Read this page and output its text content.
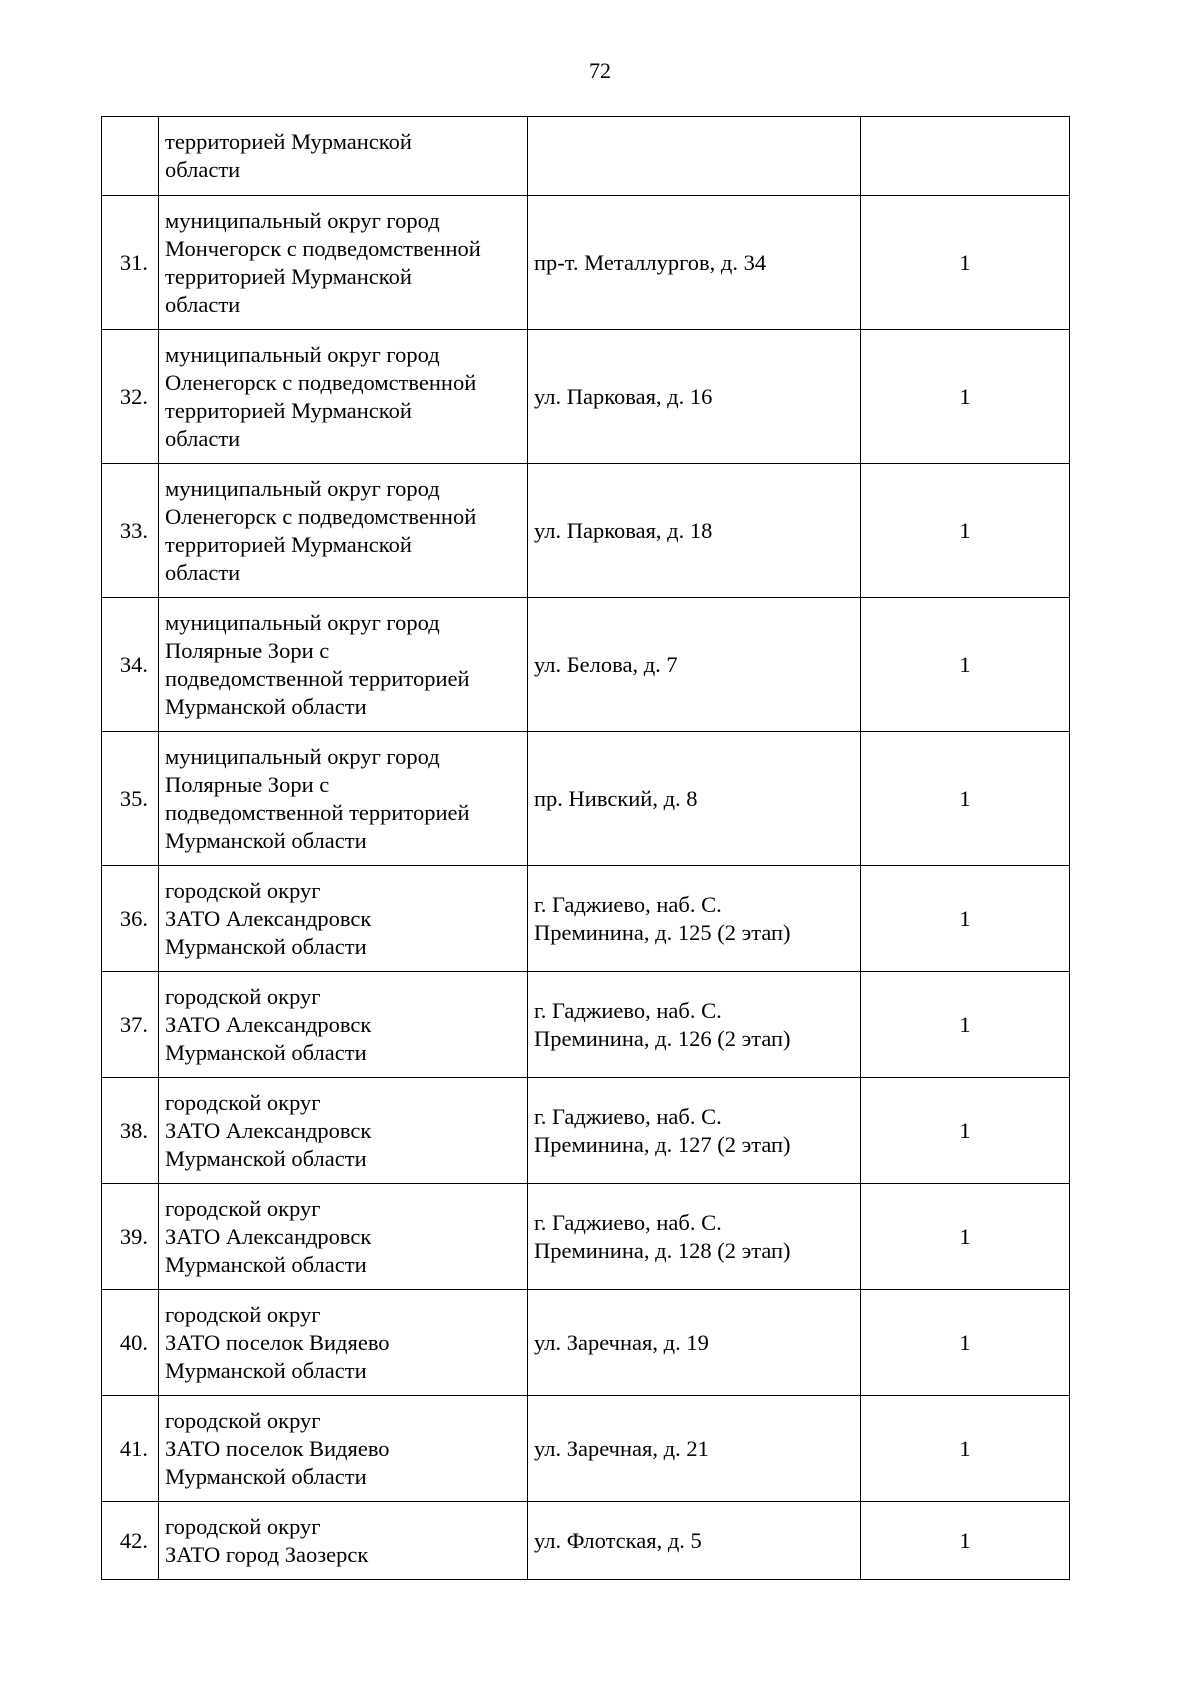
72

	территорией Мурманской
области		

31.	муниципальный округ город
Мончегорск с подведомственной
территорией Мурманской
области	пр-т. Металлургов, д. 34	1
32.	муниципальный округ город
Оленегорск с подведомственной
территорией Мурманской
области	ул. Парковая, д. 16	1
33.	муниципальный округ город
Оленегорск с подведомственной
территорией Мурманской
области	ул. Парковая, д. 18	1
34.	муниципальный округ город
Полярные Зори с
подведомственной территорией
Мурманской области	ул. Белова, д. 7	1
35.	муниципальный округ город
Полярные Зори с
подведомственной территорией
Мурманской области	пр. Нивский, д. 8	1
36.	городской округ
ЗАТО Александровск
Мурманской области	г. Гаджиево, наб. С.
Преминина, д. 125 (2 этап)	1
37.	городской округ
ЗАТО Александровск
Мурманской области	г. Гаджиево, наб. С.
Преминина, д. 126 (2 этап)	1
38.	городской округ
ЗАТО Александровск
Мурманской области	г. Гаджиево, наб. С.
Преминина, д. 127 (2 этап)	1
39.	городской округ
ЗАТО Александровск
Мурманской области	г. Гаджиево, наб. С.
Преминина, д. 128 (2 этап)	1
40.	городской округ
ЗАТО поселок Видяево
Мурманской области	ул. Заречная, д. 19	1
41.	городской округ
ЗАТО поселок Видяево
Мурманской области	ул. Заречная, д. 21	1
42.	городской округ
ЗАТО город Заозерск	ул. Флотская, д. 5	1
